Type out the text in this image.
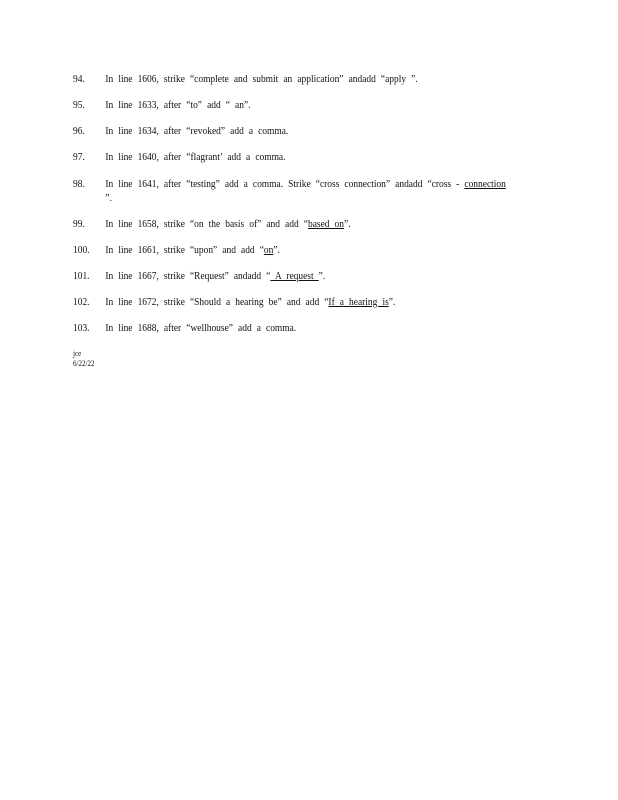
94. In line 1606, strike “complete and submit an application” andadd “apply ”.
95. In line 1633, after “to” add “ an”.
96. In line 1634, after “revoked” add a comma.
97. In line 1640, after “flagrant’ add a comma.
98. In line 1641, after “testing” add a comma. Strike “cross connection” andadd “cross - connection ”.
99. In line 1658, strike “on the basis of” and add “based on”.
100. In line 1661, strike “upon” and add “on”.
101. In line 1667, strike “Request” andadd “ A request ”.
102. In line 1672, strike “Should a hearing be” and add “If a hearing is”.
103. In line 1688, after “wellhouse” add a comma.
jce
6/22/22
